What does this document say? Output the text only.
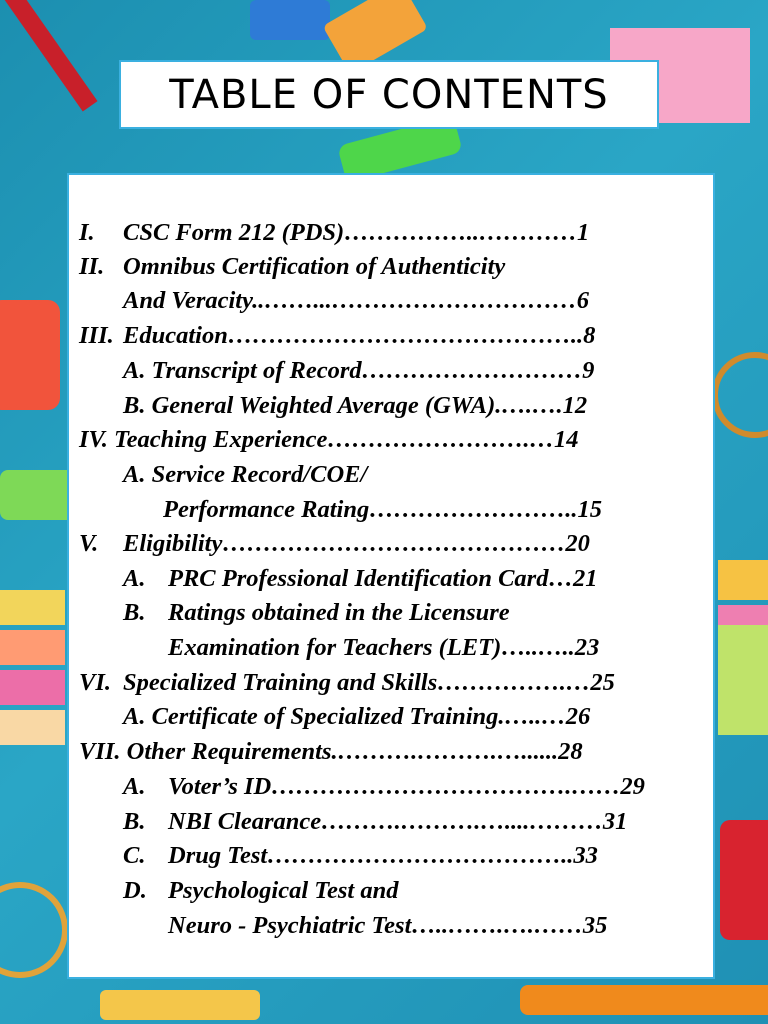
TABLE OF CONTENTS
I. CSC Form 212 (PDS)……………..…………1
II. Omnibus Certification of Authenticity
And Veracity..……...…………………………6
III. Education……………………………………..8
A. Transcript of Record………………………9
B. General Weighted Average (GWA).….….12
IV. Teaching Experience…………………….…14
A. Service Record/COE/
Performance Rating……………………..15
V. Eligibility……………………………………20
A. PRC Professional Identification Card…21
B. Ratings obtained in the Licensure
Examination for Teachers (LET)…..…..23
VI. Specialized Training and Skills…………….…25
A. Certificate of Specialized Training.…..…26
VII. Other Requirements.……….……….…......28
A. Voter’s ID……………………………….……29
B. NBI Clearance……….……….…....………31
C. Drug Test………………………………..33
D. Psychological Test and
Neuro - Psychiatric Test…..…….….……35
